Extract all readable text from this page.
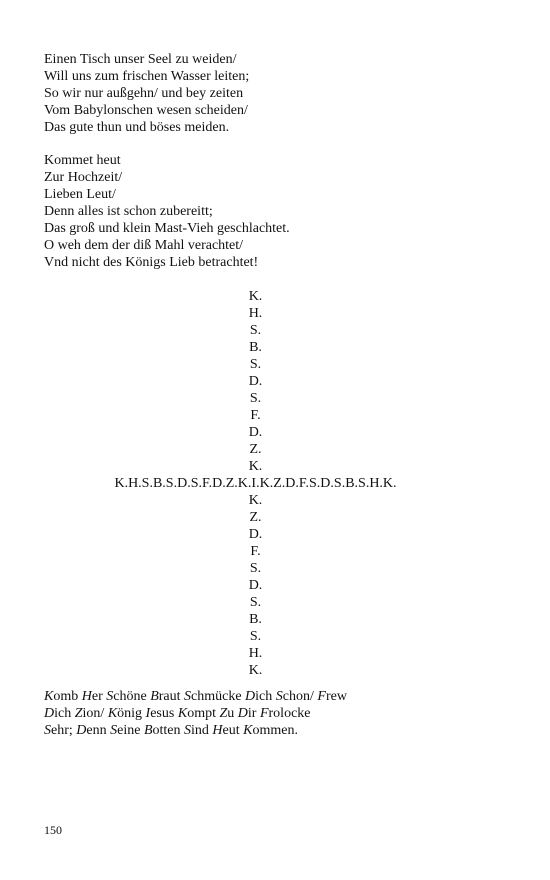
Einen Tisch unser Seel zu weiden/
Will uns zum frischen Wasser leiten;
So wir nur außgehn/ und bey zeiten
Vom Babylonschen wesen scheiden/
Das gute thun und böses meiden.
Kommet heut
Zur Hochzeit/
Lieben Leut/
Denn alles ist schon zubereitt;
Das groß und klein Mast-Vieh geschlachtet.
O weh dem der diß Mahl verachtet/
Vnd nicht des Königs Lieb betrachtet!
K.
H.
S.
B.
S.
D.
S.
F.
D.
Z.
K.
K.H.S.B.S.D.S.F.D.Z.K.I.K.Z.D.F.S.D.S.B.S.H.K.
K.
Z.
D.
F.
S.
D.
S.
B.
S.
H.
K.
Komb Her Schöne Braut Schmücke Dich Schon/ Frew
Dich Zion/ König Iesus Kompt Zu Dir Frolocke
Sehr; Denn Seine Botten Sind Heut Kommen.
150
